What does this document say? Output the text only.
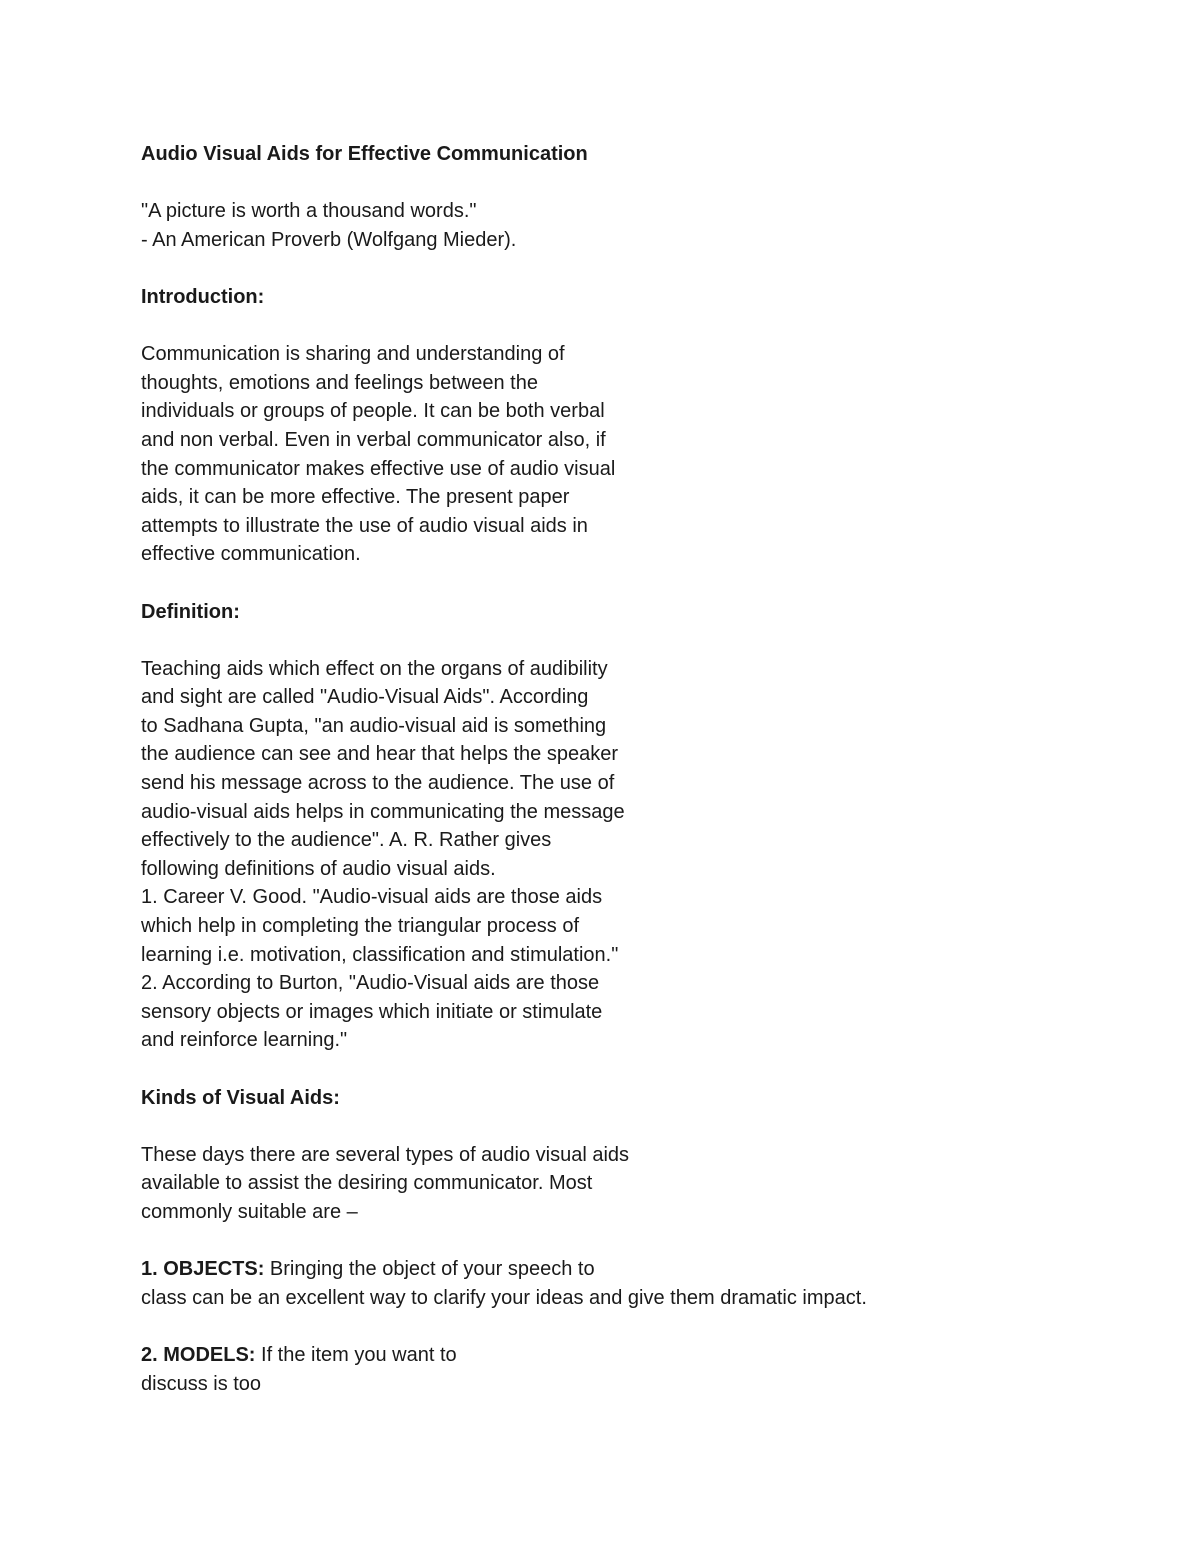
Audio Visual Aids for Effective Communication
"A picture is worth a thousand words."
- An American Proverb (Wolfgang Mieder).
Introduction:
Communication is sharing and understanding of
thoughts, emotions and feelings between the
individuals or groups of people. It can be both verbal
and non verbal. Even in verbal communicator also, if
the communicator makes effective use of audio visual
aids, it can be more effective. The present paper
attempts to illustrate the use of audio visual aids in
effective communication.
Definition:
Teaching aids which effect on the organs of audibility
and sight are called "Audio-Visual Aids". According
to Sadhana Gupta, "an audio-visual aid is something
the audience can see and hear that helps the speaker
send his message across to the audience. The use of
audio-visual aids helps in communicating the message
effectively to the audience". A. R. Rather gives
following definitions of audio visual aids.
1. Career V. Good. "Audio-visual aids are those aids
which help in completing the triangular process of
learning i.e. motivation, classification and stimulation."
2. According to Burton, "Audio-Visual aids are those
sensory objects or images which initiate or stimulate
and reinforce learning."
Kinds of Visual Aids:
These days there are several types of audio visual aids
available to assist the desiring communicator. Most
commonly suitable are –
1. OBJECTS: Bringing the object of your speech to
class can be an excellent way to clarify your ideas and give them dramatic impact.
2. MODELS: If the item you want to
discuss is too
